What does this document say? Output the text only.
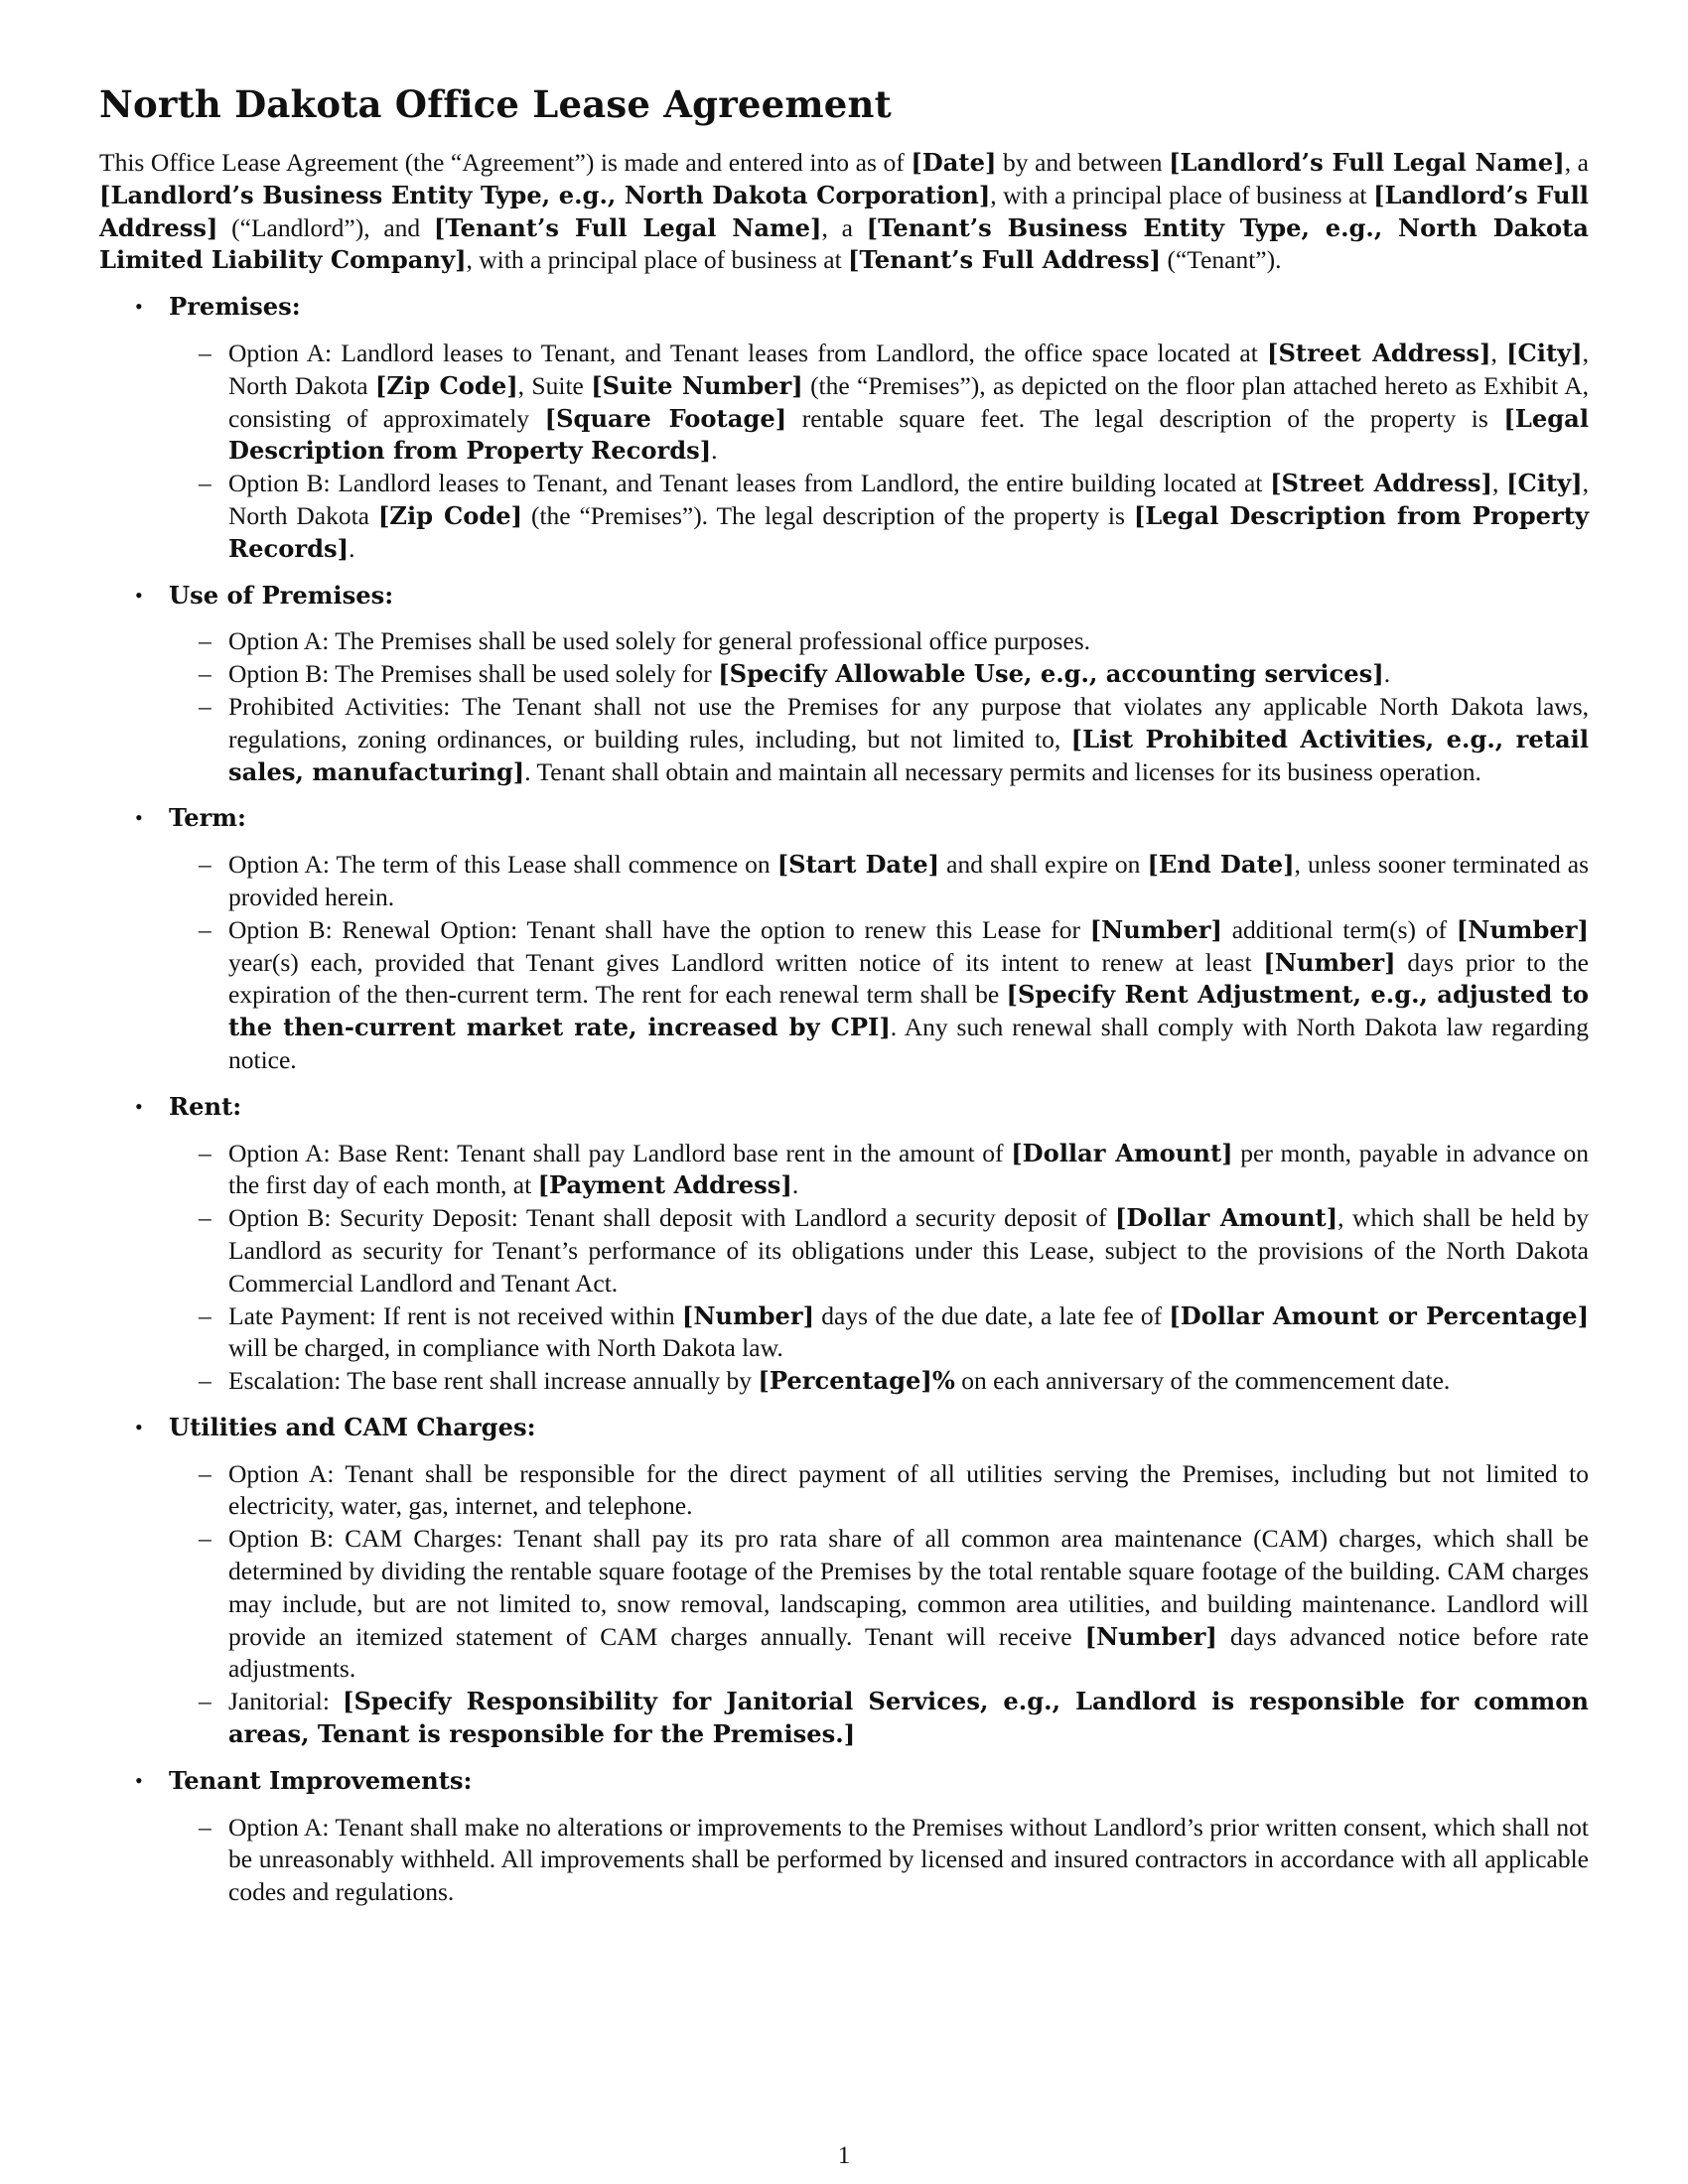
North Dakota Office Lease Agreement

This Office Lease Agreement (the “Agreement”) is made and entered into as of [Date] by and between [Landlord’s Full Legal Name], a [Landlord’s Business Entity Type, e.g., North Dakota Corporation], with a principal place of business at [Landlord’s Full Address] (“Landlord”), and [Tenant’s Full Legal Name], a [Tenant’s Business Entity Type, e.g., North Dakota Limited Liability Company], with a principal place of business at [Tenant’s Full Address] (“Tenant”).

• Premises:
– Option A: Landlord leases to Tenant, and Tenant leases from Landlord, the office space located at [Street Address], [City], North Dakota [Zip Code], Suite [Suite Number] (the “Premises”), as depicted on the floor plan attached hereto as Exhibit A, consisting of approximately [Square Footage] rentable square feet. The legal description of the property is [Legal Description from Property Records].
– Option B: Landlord leases to Tenant, and Tenant leases from Landlord, the entire building located at [Street Address], [City], North Dakota [Zip Code] (the “Premises”). The legal description of the property is [Legal Description from Property Records].
• Use of Premises:
– Option A: The Premises shall be used solely for general professional office purposes.
– Option B: The Premises shall be used solely for [Specify Allowable Use, e.g., accounting services].
– Prohibited Activities: The Tenant shall not use the Premises for any purpose that violates any applicable North Dakota laws, regulations, zoning ordinances, or building rules, including, but not limited to, [List Prohibited Activities, e.g., retail sales, manufacturing]. Tenant shall obtain and maintain all necessary permits and licenses for its business operation.
• Term:
– Option A: The term of this Lease shall commence on [Start Date] and shall expire on [End Date], unless sooner terminated as provided herein.
– Option B: Renewal Option: Tenant shall have the option to renew this Lease for [Number] additional term(s) of [Number] year(s) each, provided that Tenant gives Landlord written notice of its intent to renew at least [Number] days prior to the expiration of the then-current term. The rent for each renewal term shall be [Specify Rent Adjustment, e.g., adjusted to the then-current market rate, increased by CPI]. Any such renewal shall comply with North Dakota law regarding notice.
• Rent:
– Option A: Base Rent: Tenant shall pay Landlord base rent in the amount of [Dollar Amount] per month, payable in advance on the first day of each month, at [Payment Address].
– Option B: Security Deposit: Tenant shall deposit with Landlord a security deposit of [Dollar Amount], which shall be held by Landlord as security for Tenant’s performance of its obligations under this Lease, subject to the provisions of the North Dakota Commercial Landlord and Tenant Act.
– Late Payment: If rent is not received within [Number] days of the due date, a late fee of [Dollar Amount or Percentage] will be charged, in compliance with North Dakota law.
– Escalation: The base rent shall increase annually by [Percentage]% on each anniversary of the commencement date.
• Utilities and CAM Charges:
– Option A: Tenant shall be responsible for the direct payment of all utilities serving the Premises, including but not limited to electricity, water, gas, internet, and telephone.
– Option B: CAM Charges: Tenant shall pay its pro rata share of all common area maintenance (CAM) charges, which shall be determined by dividing the rentable square footage of the Premises by the total rentable square footage of the building. CAM charges may include, but are not limited to, snow removal, landscaping, common area utilities, and building maintenance. Landlord will provide an itemized statement of CAM charges annually. Tenant will receive [Number] days advanced notice before rate adjustments.
– Janitorial: [Specify Responsibility for Janitorial Services, e.g., Landlord is responsible for common areas, Tenant is responsible for the Premises.]
• Tenant Improvements:
– Option A: Tenant shall make no alterations or improvements to the Premises without Landlord’s prior written consent, which shall not be unreasonably withheld. All improvements shall be performed by licensed and insured contractors in accordance with all applicable codes and regulations.
1
